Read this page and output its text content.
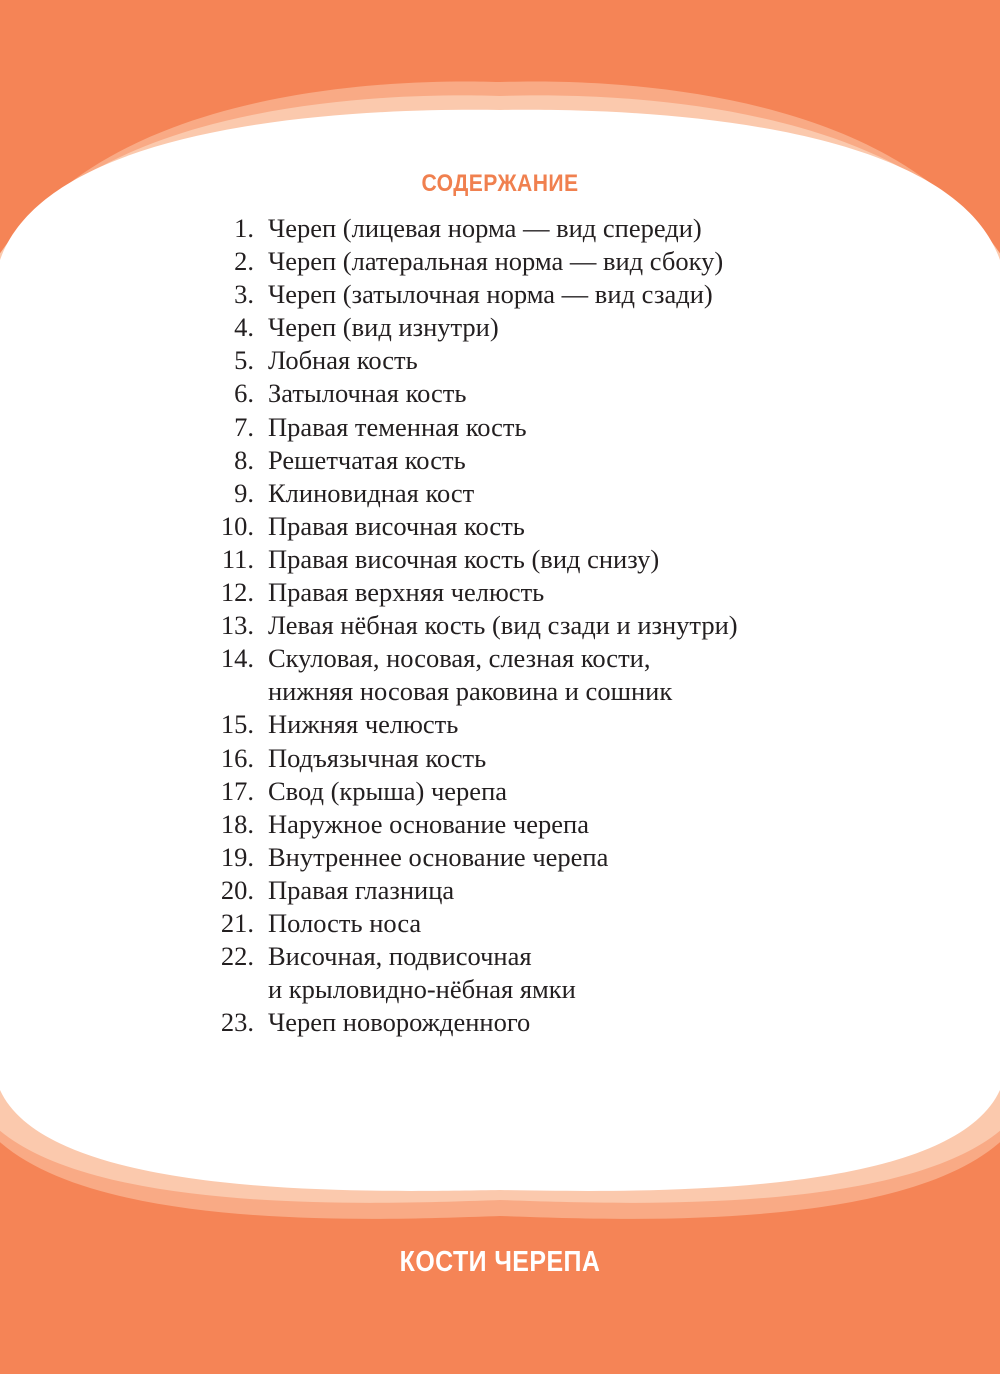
СОДЕРЖАНИЕ
1. Череп (лицевая норма — вид спереди)
2. Череп (латеральная норма — вид сбоку)
3. Череп (затылочная норма — вид сзади)
4. Череп (вид изнутри)
5. Лобная кость
6. Затылочная кость
7. Правая теменная кость
8. Решетчатая кость
9. Клиновидная кост
10. Правая височная кость
11. Правая височная кость (вид снизу)
12. Правая верхняя челюсть
13. Левая нёбная кость (вид сзади и изнутри)
14. Скуловая, носовая, слезная кости,
нижняя носовая раковина и сошник
15. Нижняя челюсть
16. Подъязычная кость
17. Свод (крыша) черепа
18. Наружное основание черепа
19. Внутреннее основание черепа
20. Правая глазница
21. Полость носа
22. Височная, подвисочная
и крыловидно-нёбная ямки
23. Череп новорожденного
КОСТИ ЧЕРЕПА
